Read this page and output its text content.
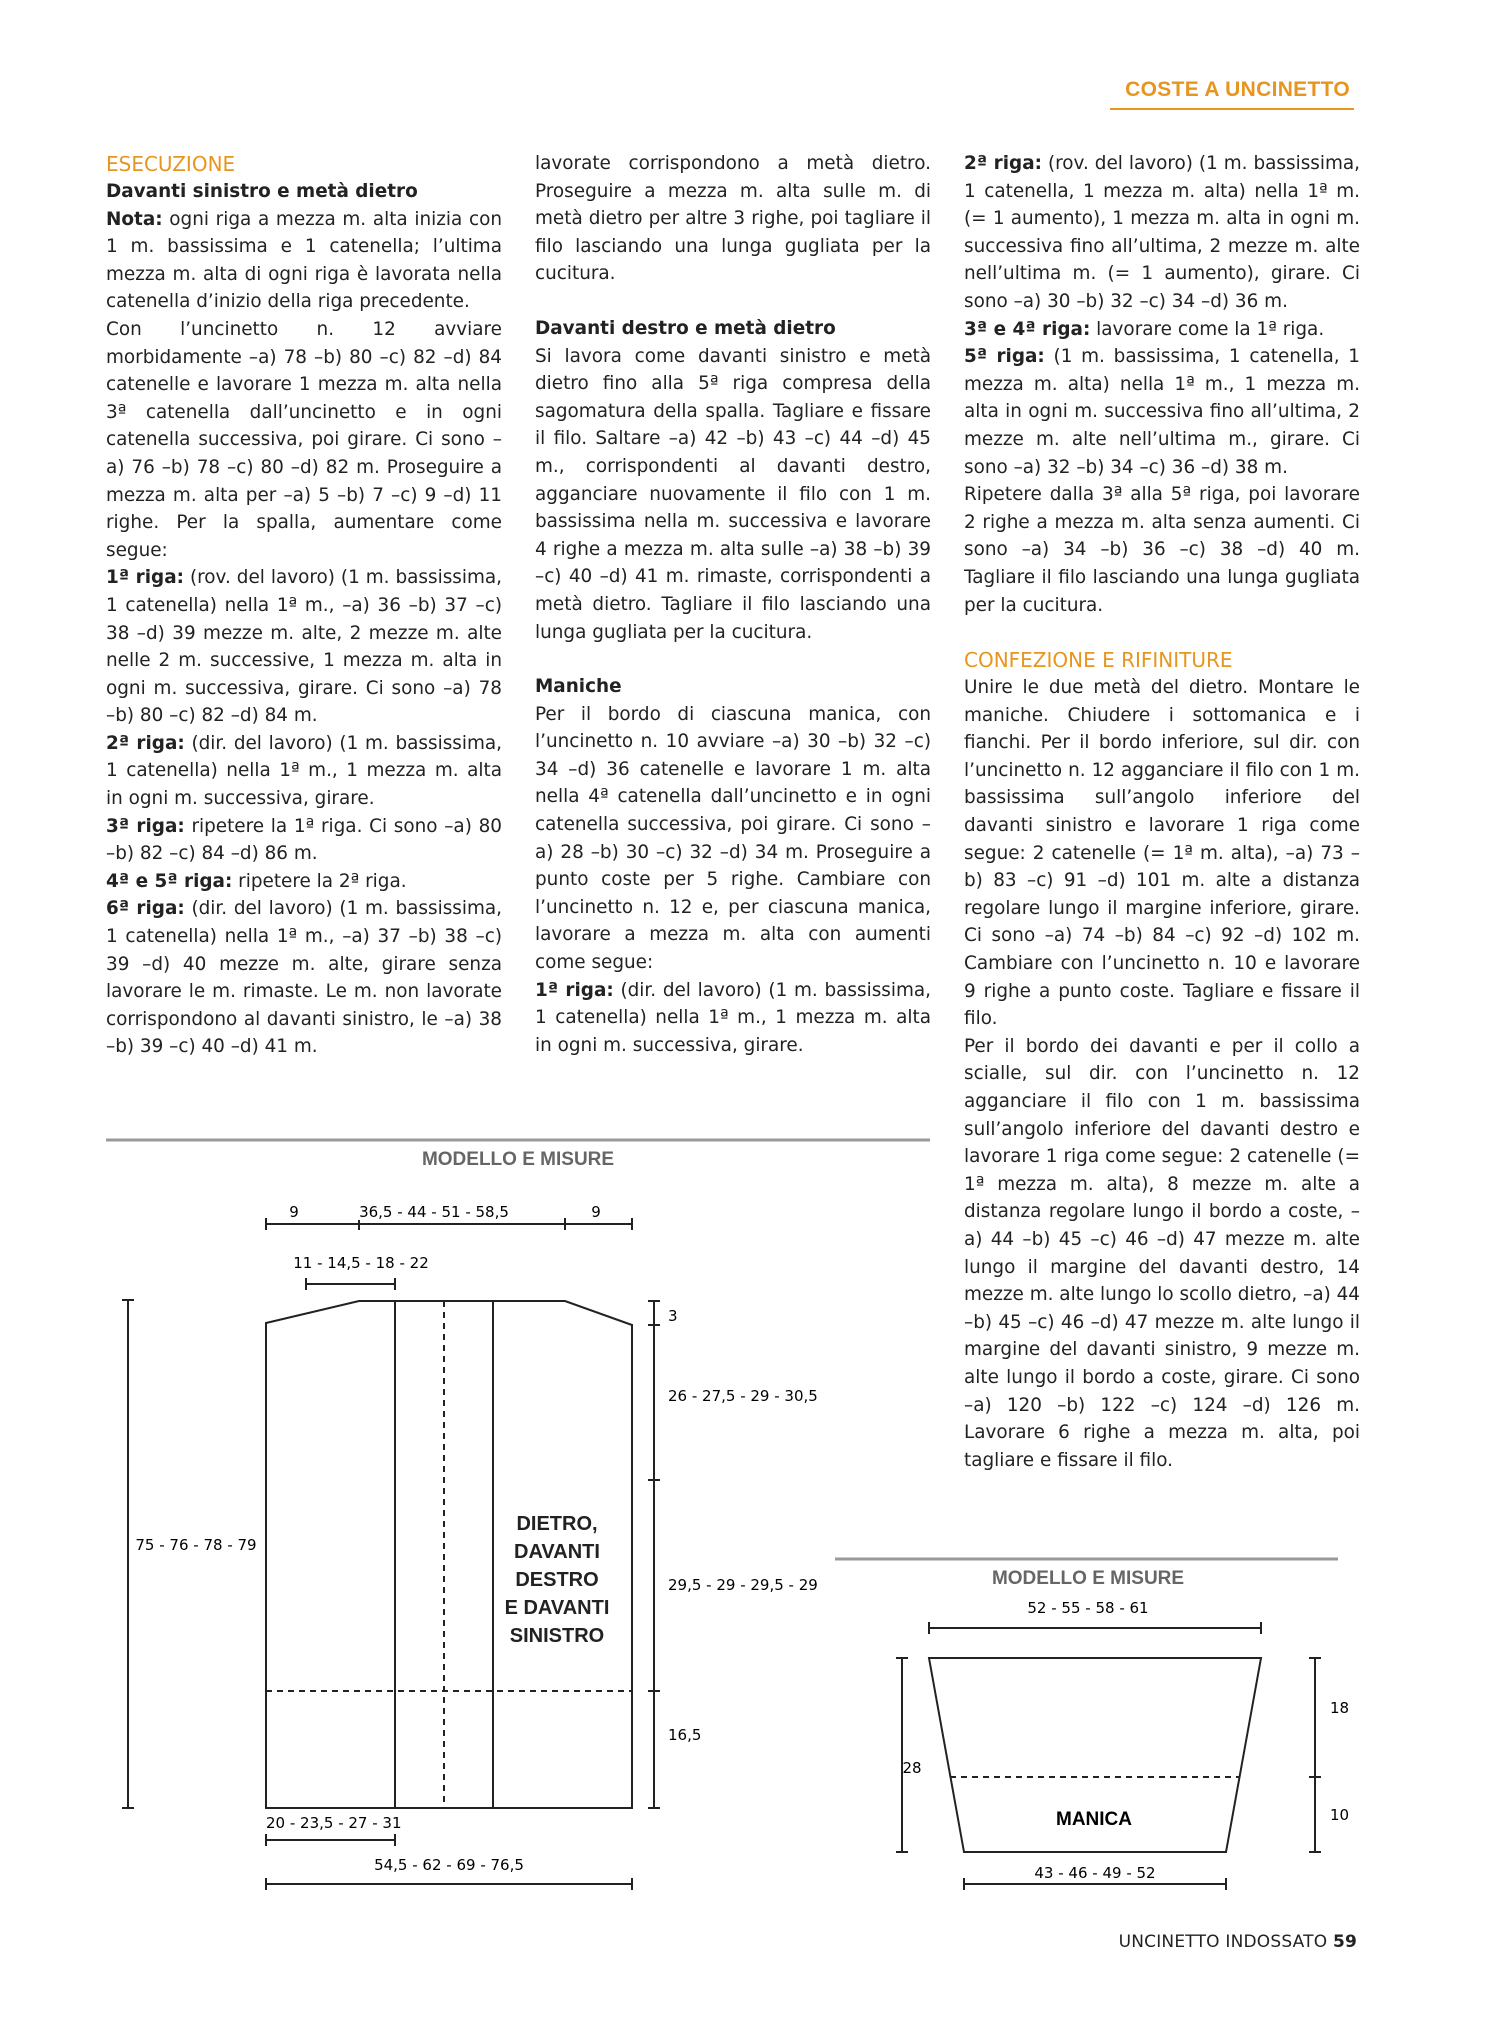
COSTE A UNCINETTO

ESECUZIONE

Davanti sinistro e metà dietro

Nota: ogni riga a mezza m. alta inizia con 1 m. bassissima e 1 catenella; l’ultima mezza m. alta di ogni riga è lavorata nella catenella d’inizio della riga precedente.

Con l’uncinetto n. 12 avviare morbidamente –a) 78 –b) 80 –c) 82 –d) 84 catenelle e lavorare 1 mezza m. alta nella 3ª catenella dall’uncinetto e in ogni catenella successiva, poi girare. Ci sono –a) 76 –b) 78 –c) 80 –d) 82 m. Proseguire a mezza m. alta per –a) 5 –b) 7 –c) 9 –d) 11 righe. Per la spalla, aumentare come segue:

1ª riga: (rov. del lavoro) (1 m. bassissima, 1 catenella) nella 1ª m., –a) 36 –b) 37 –c) 38 –d) 39 mezze m. alte, 2 mezze m. alte nelle 2 m. successive, 1 mezza m. alta in ogni m. successiva, girare. Ci sono –a) 78 –b) 80 –c) 82 –d) 84 m.

2ª riga: (dir. del lavoro) (1 m. bassissima, 1 catenella) nella 1ª m., 1 mezza m. alta in ogni m. successiva, girare.

3ª riga: ripetere la 1ª riga. Ci sono –a) 80 –b) 82 –c) 84 –d) 86 m.

4ª e 5ª riga: ripetere la 2ª riga.

6ª riga: (dir. del lavoro) (1 m. bassissima, 1 catenella) nella 1ª m., –a) 37 –b) 38 –c) 39 –d) 40 mezze m. alte, girare senza lavorare le m. rimaste. Le m. non lavorate corrispondono al davanti sinistro, le –a) 38 –b) 39 –c) 40 –d) 41 m.

lavorate corrispondono a metà dietro. Proseguire a mezza m. alta sulle m. di metà dietro per altre 3 righe, poi tagliare il filo lasciando una lunga gugliata per la cucitura.

Davanti destro e metà dietro

Si lavora come davanti sinistro e metà dietro fino alla 5ª riga compresa della sagomatura della spalla. Tagliare e fissare il filo. Saltare –a) 42 –b) 43 –c) 44 –d) 45 m., corrispondenti al davanti destro, agganciare nuovamente il filo con 1 m. bassissima nella m. successiva e lavorare 4 righe a mezza m. alta sulle –a) 38 –b) 39 –c) 40 –d) 41 m. rimaste, corrispondenti a metà dietro. Tagliare il filo lasciando una lunga gugliata per la cucitura.

Maniche

Per il bordo di ciascuna manica, con l’uncinetto n. 10 avviare –a) 30 –b) 32 –c) 34 –d) 36 catenelle e lavorare 1 m. alta nella 4ª catenella dall’uncinetto e in ogni catenella successiva, poi girare. Ci sono –a) 28 –b) 30 –c) 32 –d) 34 m. Proseguire a punto coste per 5 righe. Cambiare con l’uncinetto n. 12 e, per ciascuna manica, lavorare a mezza m. alta con aumenti come segue:

1ª riga: (dir. del lavoro) (1 m. bassissima, 1 catenella) nella 1ª m., 1 mezza m. alta in ogni m. successiva, girare.

2ª riga: (rov. del lavoro) (1 m. bassissima, 1 catenella, 1 mezza m. alta) nella 1ª m. (= 1 aumento), 1 mezza m. alta in ogni m. successiva fino all’ultima, 2 mezze m. alte nell’ultima m. (= 1 aumento), girare. Ci sono –a) 30 –b) 32 –c) 34 –d) 36 m.

3ª e 4ª riga: lavorare come la 1ª riga.

5ª riga: (1 m. bassissima, 1 catenella, 1 mezza m. alta) nella 1ª m., 1 mezza m. alta in ogni m. successiva fino all’ultima, 2 mezze m. alte nell’ultima m., girare. Ci sono –a) 32 –b) 34 –c) 36 –d) 38 m.

Ripetere dalla 3ª alla 5ª riga, poi lavorare 2 righe a mezza m. alta senza aumenti. Ci sono –a) 34 –b) 36 –c) 38 –d) 40 m. Tagliare il filo lasciando una lunga gugliata per la cucitura.

CONFEZIONE E RIFINITURE

Unire le due metà del dietro. Montare le maniche. Chiudere i sottomanica e i fianchi. Per il bordo inferiore, sul dir. con l’uncinetto n. 12 agganciare il filo con 1 m. bassissima sull’angolo inferiore del davanti sinistro e lavorare 1 riga come segue: 2 catenelle (= 1ª m. alta), –a) 73 –b) 83 –c) 91 –d) 101 m. alte a distanza regolare lungo il margine inferiore, girare. Ci sono –a) 74 –b) 84 –c) 92 –d) 102 m. Cambiare con l’uncinetto n. 10 e lavorare 9 righe a punto coste. Tagliare e fissare il filo.

Per il bordo dei davanti e per il collo a scialle, sul dir. con l’uncinetto n. 12 agganciare il filo con 1 m. bassissima sull’angolo inferiore del davanti destro e lavorare 1 riga come segue: 2 catenelle (= 1ª mezza m. alta), 8 mezze m. alte a distanza regolare lungo il bordo a coste, –a) 44 –b) 45 –c) 46 –d) 47 mezze m. alte lungo il margine del davanti destro, 14 mezze m. alte lungo lo scollo dietro, –a) 44 –b) 45 –c) 46 –d) 47 mezze m. alte lungo il margine del davanti sinistro, 9 mezze m. alte lungo il bordo a coste, girare. Ci sono –a) 120 –b) 122 –c) 124 –d) 126 m. Lavorare 6 righe a mezza m. alta, poi tagliare e fissare il filo.

MODELLO E MISURE
9	36,5 - 44 - 51 - 58,5	9
11 - 14,5 - 18 - 22
75 - 76 - 78 - 79
3
26 - 27,5 - 29 - 30,5
29,5 - 29 - 29,5 - 29
16,5
DIETRO,
DAVANTI
DESTRO
E DAVANTI
SINISTRO
20 - 23,5 - 27 - 31
54,5 - 62 - 69 - 76,5
MODELLO E MISURE
52 - 55 - 58 - 61
MANICA
28
18
10
43 - 46 - 49 - 52
UNCINETTO INDOSSATO 59
